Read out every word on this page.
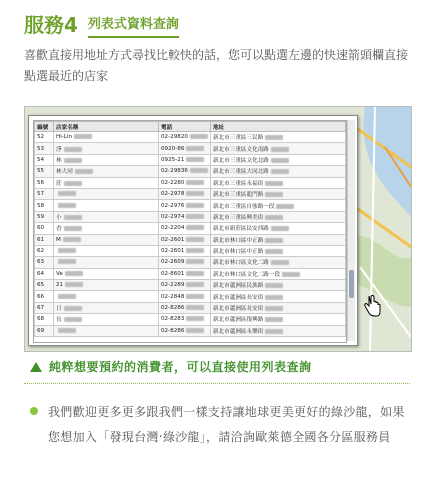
服務4 列表式資料查詢
喜歡直接用地址方式尋找比較快的話，您可以點選左邊的快速箭頭欄直接點選最近的店家
編號	店家名稱	電話	地址
52	Hi-Lin	02-29820	新北市三重區三民路
53	淨	0920-86	新北市三重區文化南路
54	林	0925-21	新北市三重區文化北路
55	林大同	02-29836	新北市三重區大同北路
56	莊	02-2280	新北市三重區永福街
57		02-2978	新北市三重區龍門路
58		02-2976	新北市三重區自強路一段
59	小	02-2974	新北市三重區興美街
60	香	02-2204	新北市新莊區民安西路
61	M	02-2601	新北市林口區中正路
62		02-2601	新北市林口區中正路
63		02-2609	新北市林口區文化二路
64	Ve	02-8601	新北市林口區文化二路一段
65	21	02-2289	新北市蘆洲區民族路
66		02-2848	新北市蘆洲區長安街
67	日	02-8286	新北市蘆洲區長安街
68	長	02-8283	新北市蘆洲區復興路
69		02-8286	新北市蘆洲區永樂街
純粹想要預約的消費者，可以直接使用列表查詢
我們歡迎更多更多跟我們一樣支持讓地球更美更好的綠沙龍，如果您想加入「發現台灣‧綠沙龍」，請洽詢歐萊德全國各分區服務員
